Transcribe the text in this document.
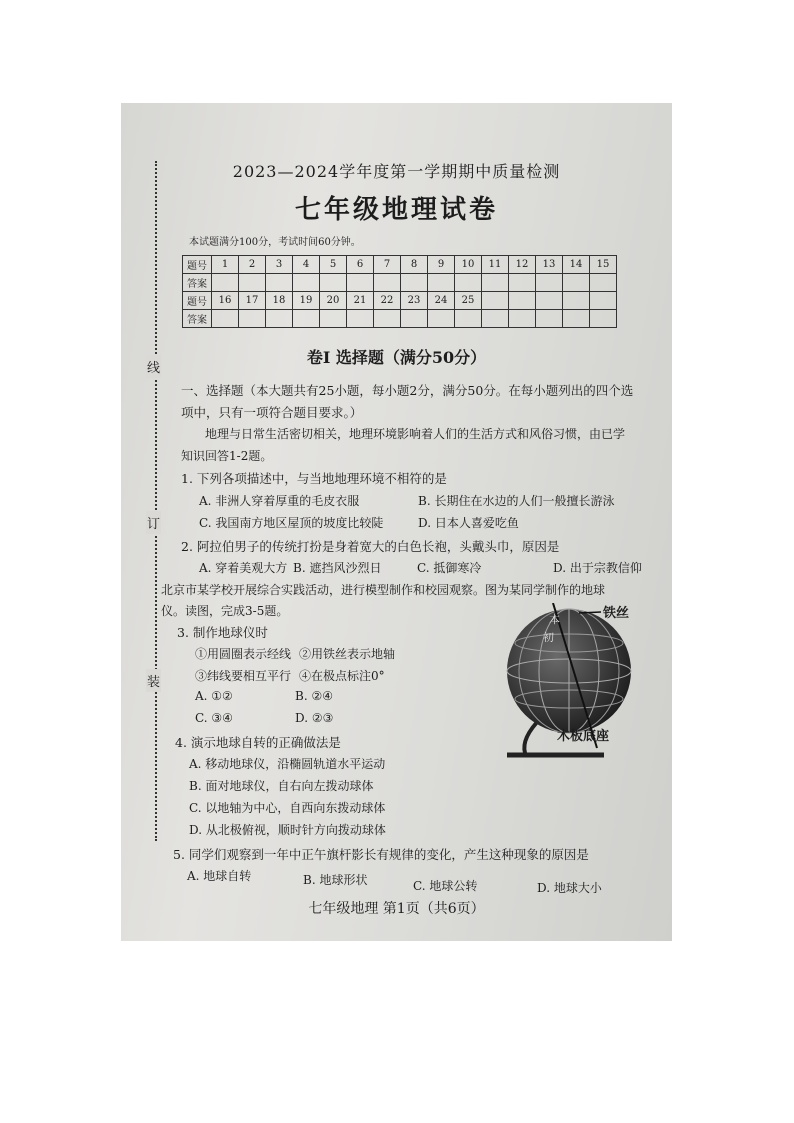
线
订
装
2023—2024学年度第一学期期中质量检测
七年级地理试卷
本试题满分100分，考试时间60分钟。
题号	1	2	3	4	5	6	7	8	9	10	11	12	13	14	15
答案															
题号	16	17	18	19	20	21	22	23	24	25					
答案															
卷Ⅰ 选择题（满分50分）
一、选择题（本大题共有25小题，每小题2分，满分50分。在每小题列出的四个选
项中，只有一项符合题目要求。）
地理与日常生活密切相关，地理环境影响着人们的生活方式和风俗习惯，由已学
知识回答1-2题。
1. 下列各项描述中，与当地地理环境不相符的是
A. 非洲人穿着厚重的毛皮衣服	B. 长期住在水边的人们一般擅长游泳
C. 我国南方地区屋顶的坡度比较陡	D. 日本人喜爱吃鱼
2. 阿拉伯男子的传统打扮是身着宽大的白色长袍，头戴头巾，原因是
A. 穿着美观大方 B. 遮挡风沙烈日	C. 抵御寒冷	D. 出于宗教信仰
北京市某学校开展综合实践活动，进行模型制作和校园观察。图为某同学制作的地球
仪。读图，完成3-5题。
3. 制作地球仪时
①用圆圈表示经线 ②用铁丝表示地轴
③纬线要相互平行 ④在极点标注0°
A. ①②	B. ②④
C. ③④	D. ②③
4. 演示地球自转的正确做法是
A. 移动地球仪，沿椭圆轨道水平运动
B. 面对地球仪，自右向左拨动球体
C. 以地轴为中心，自西向东拨动球体
D. 从北极俯视，顺时针方向拨动球体
5. 同学们观察到一年中正午旗杆影长有规律的变化，产生这种现象的原因是
A. 地球自转	B. 地球形状	C. 地球公转	D. 地球大小
本
初
铁丝
木板底座
七年级地理 第1页（共6页）
